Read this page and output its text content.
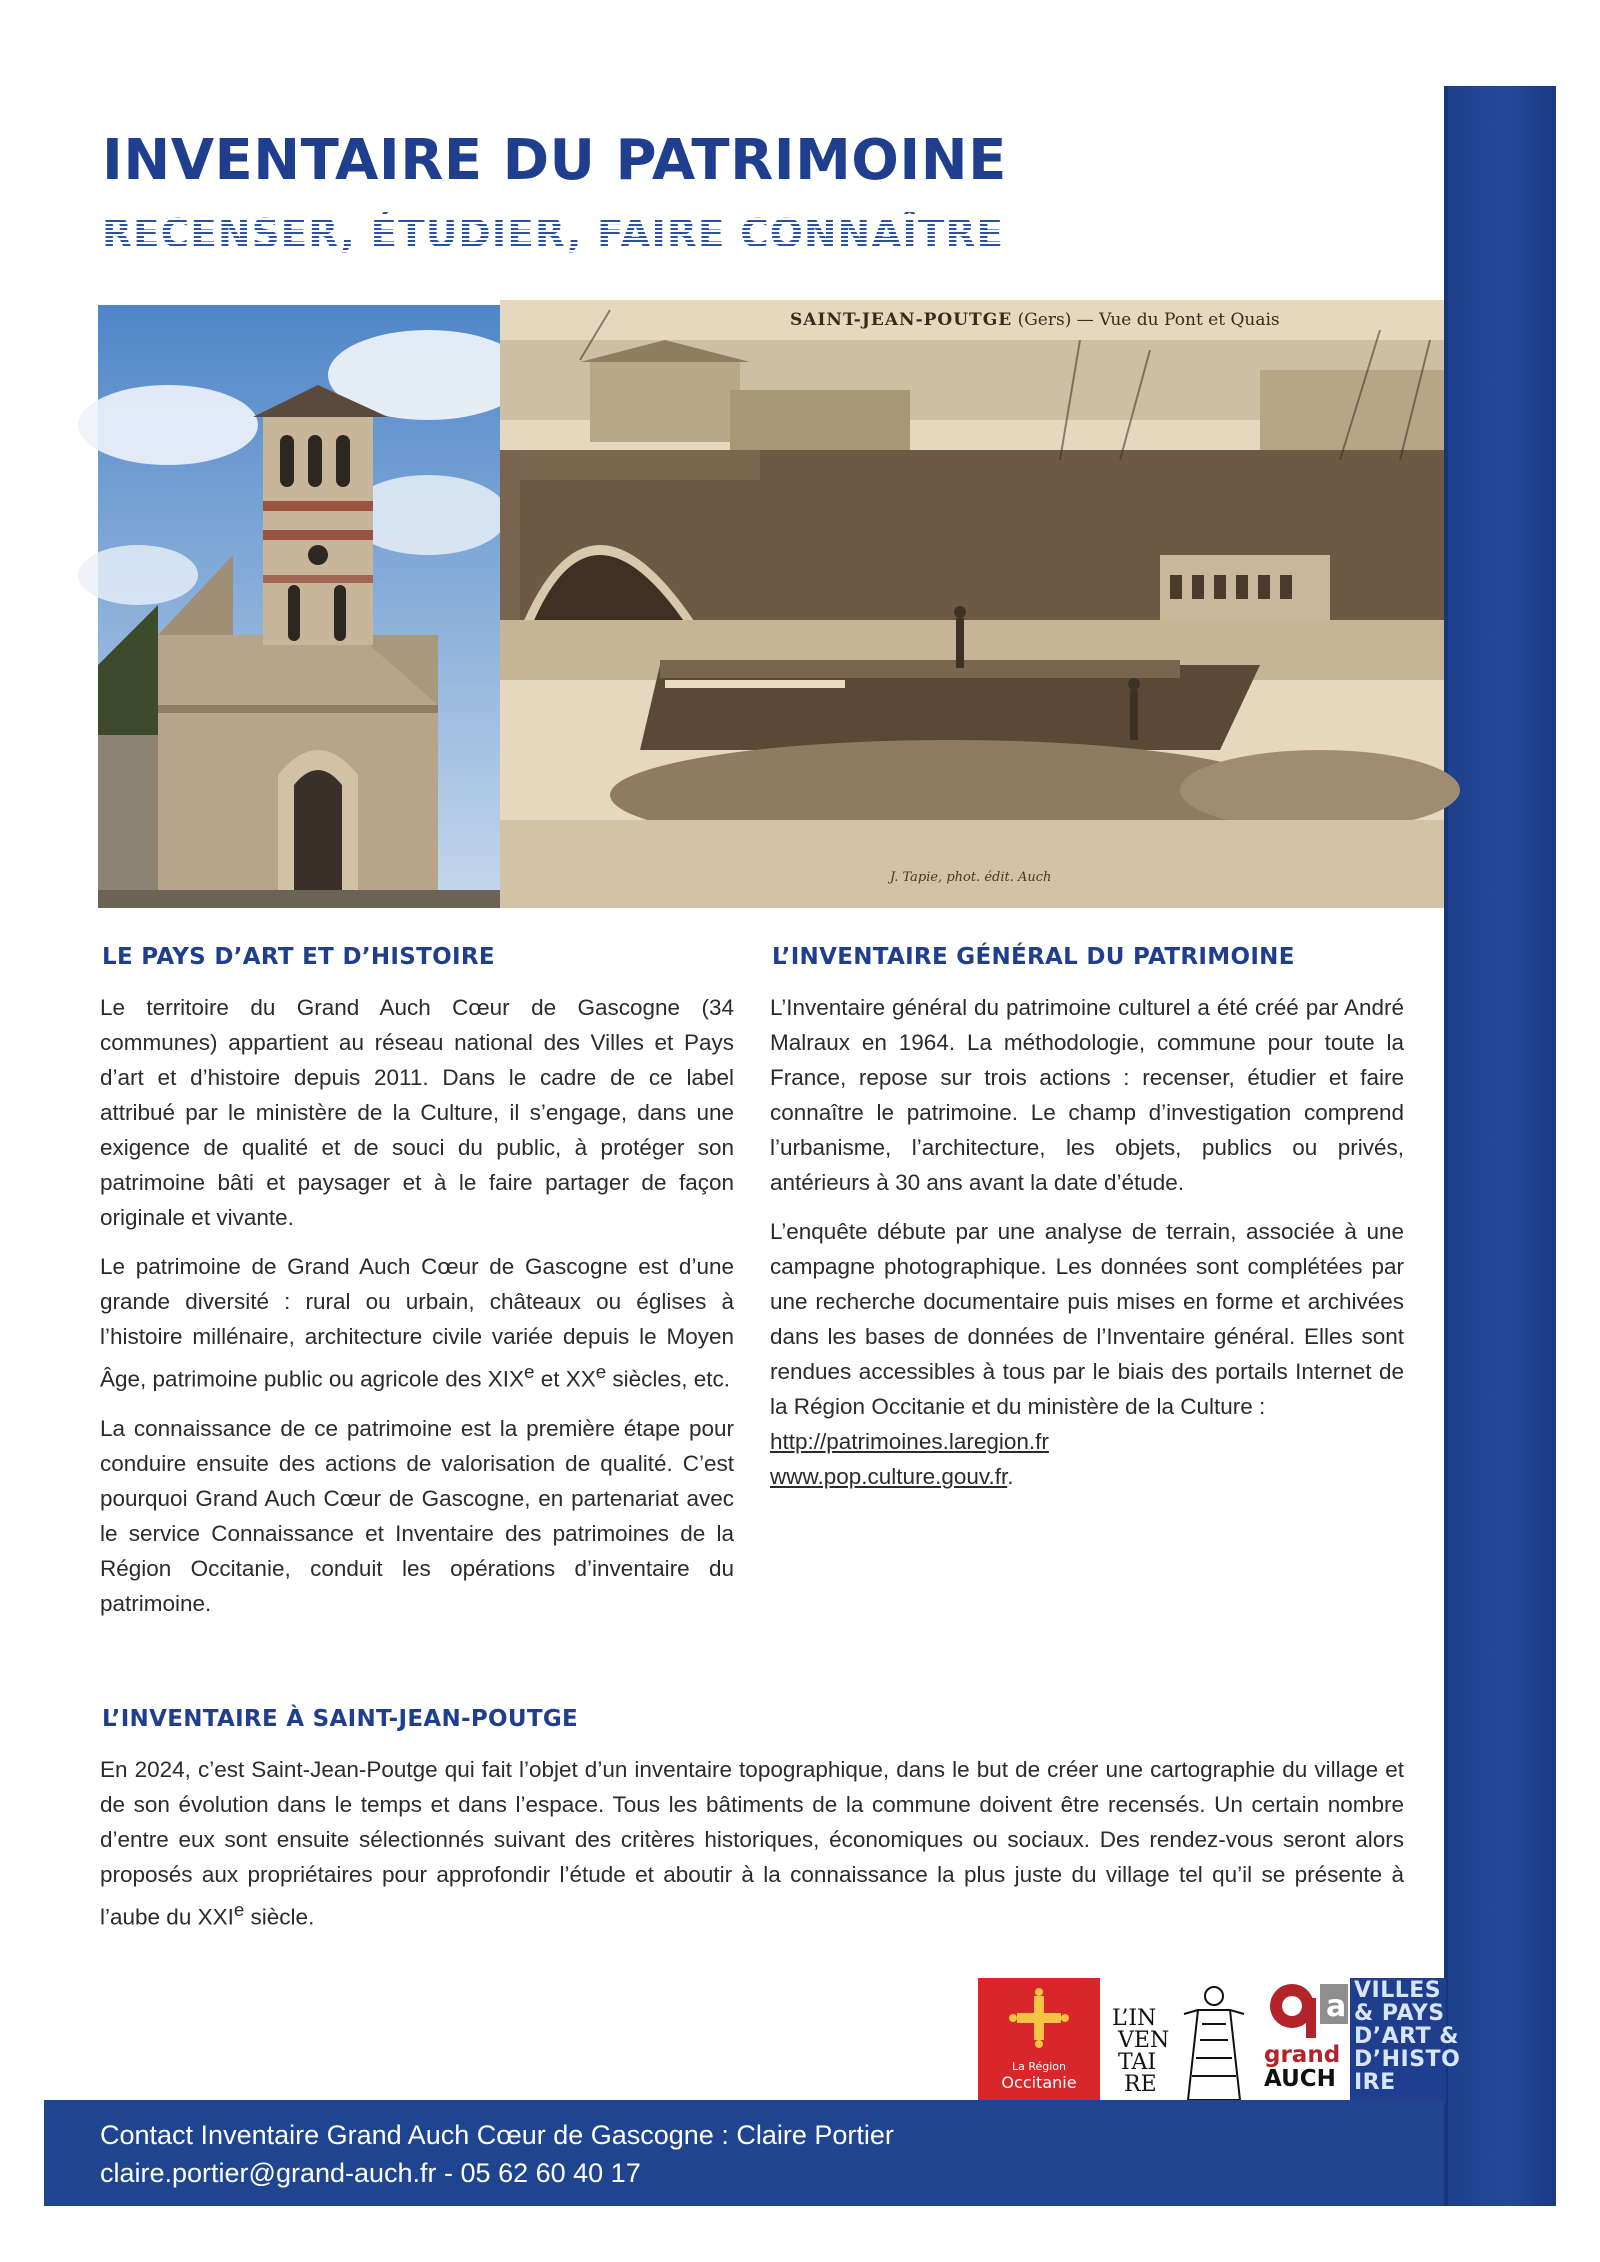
INVENTAIRE DU PATRIMOINE
RECENSER, ÉTUDIER, FAIRE CONNAÎTRE
SAINT-JEAN-POUTGE (Gers) — Vue du Pont et Quais
J. Tapie, phot. édit. Auch
LE PAYS D’ART ET D’HISTOIRE

Le territoire du Grand Auch Cœur de Gascogne (34 communes) appartient au réseau national des Villes et Pays d’art et d’histoire depuis 2011. Dans le cadre de ce label attribué par le ministère de la Culture, il s’engage, dans une exigence de qualité et de souci du public, à protéger son patrimoine bâti et paysager et à le faire partager de façon originale et vivante.

Le patrimoine de Grand Auch Cœur de Gascogne est d’une grande diversité : rural ou urbain, châteaux ou églises à l’histoire millénaire, architecture civile variée depuis le Moyen Âge, patrimoine public ou agricole des XIXe et XXe siècles, etc.

La connaissance de ce patrimoine est la première étape pour conduire ensuite des actions de valorisation de qualité. C’est pourquoi Grand Auch Cœur de Gascogne, en partenariat avec le service Connaissance et Inventaire des patrimoines de la Région Occitanie, conduit les opérations d’inventaire du patrimoine.

L’INVENTAIRE GÉNÉRAL DU PATRIMOINE

L’Inventaire général du patrimoine culturel a été créé par André Malraux en 1964. La méthodologie, commune pour toute la France, repose sur trois actions : recenser, étudier et faire connaître le patrimoine. Le champ d’investigation comprend l’urbanisme, l’architecture, les objets, publics ou privés, antérieurs à 30 ans avant la date d’étude.

L’enquête débute par une analyse de terrain, associée à une campagne photographique. Les données sont complétées par une recherche documentaire puis mises en forme et archivées dans les bases de données de l’Inventaire général. Elles sont rendues accessibles à tous par le biais des portails Internet de la Région Occitanie et du ministère de la Culture :

http://patrimoines.laregion.fr
www.pop.culture.gouv.fr.

L’INVENTAIRE À SAINT-JEAN-POUTGE

En 2024, c’est Saint-Jean-Poutge qui fait l’objet d’un inventaire topographique, dans le but de créer une cartographie du village et de son évolution dans le temps et dans l’espace. Tous les bâtiments de la commune doivent être recensés. Un certain nombre d’entre eux sont ensuite sélectionnés suivant des critères historiques, économiques ou sociaux. Des rendez-vous seront alors proposés aux propriétaires pour approfondir l’étude et aboutir à la connaissance la plus juste du village tel qu’il se présente à l’aube du XXIe siècle.

La Région
Occitanie
L’IN
VEN
TAI
RE
a
grand
AUCH
VILLES
& PAYS
D’ART &
D’HISTO
IRE
Contact Inventaire Grand Auch Cœur de Gascogne : Claire Portier
claire.portier@grand-auch.fr - 05 62 60 40 17
